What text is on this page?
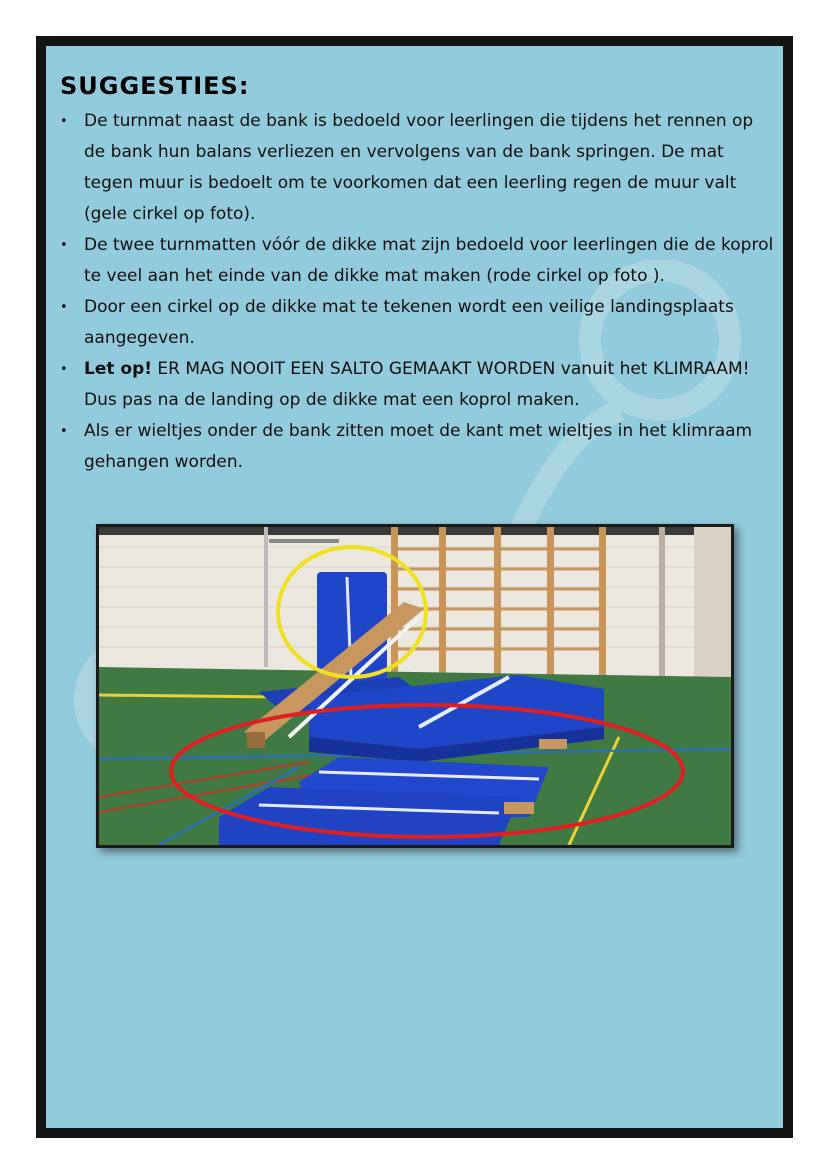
SUGGESTIES:
• De turnmat naast de bank is bedoeld voor leerlingen die tijdens het rennen op de bank hun balans verliezen en vervolgens van de bank springen. De mat tegen muur is bedoelt om te voorkomen dat een leerling regen de muur valt (gele cirkel op foto).
• De twee turnmatten vóór de dikke mat zijn bedoeld voor leerlingen die de koprol te veel aan het einde van de dikke mat maken (rode cirkel op foto ).
• Door een cirkel op de dikke mat te tekenen wordt een veilige landingsplaats aangegeven.
• Let op! ER MAG NOOIT EEN SALTO GEMAAKT WORDEN vanuit het KLIMRAAM! Dus pas na de landing op de dikke mat een koprol maken.
• Als er wieltjes onder de bank zitten moet de kant met wieltjes in het klimraam gehangen worden.
